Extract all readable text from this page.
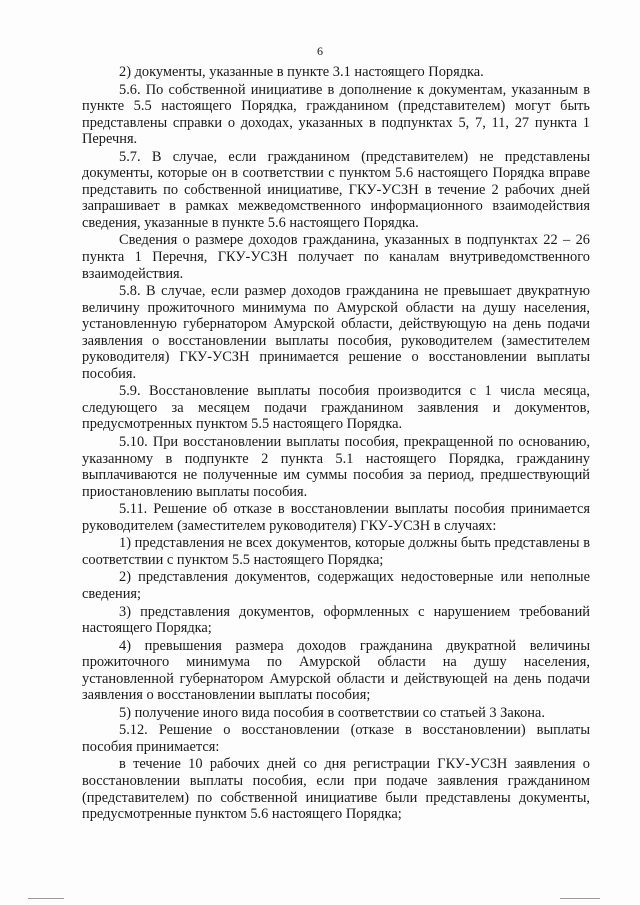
6

2) документы, указанные в пункте 3.1 настоящего Порядка.

5.6. По собственной инициативе в дополнение к документам, указанным в пункте 5.5 настоящего Порядка, гражданином (представителем) могут быть представлены справки о доходах, указанных в подпунктах 5, 7, 11, 27 пункта 1 Перечня.

5.7. В случае, если гражданином (представителем) не представлены документы, которые он в соответствии с пунктом 5.6 настоящего Порядка вправе представить по собственной инициативе, ГКУ-УСЗН в течение 2 рабочих дней запрашивает в рамках межведомственного информационного взаимодействия сведения, указанные в пункте 5.6 настоящего Порядка.

Сведения о размере доходов гражданина, указанных в подпунктах 22 – 26 пункта 1 Перечня, ГКУ-УСЗН получает по каналам внутриведомственного взаимодействия.

5.8. В случае, если размер доходов гражданина не превышает двукратную величину прожиточного минимума по Амурской области на душу населения, установленную губернатором Амурской области, действующую на день подачи заявления о восстановлении выплаты пособия, руководителем (заместителем руководителя) ГКУ-УСЗН принимается решение о восстановлении выплаты пособия.

5.9. Восстановление выплаты пособия производится с 1 числа месяца, следующего за месяцем подачи гражданином заявления и документов, предусмотренных пунктом 5.5 настоящего Порядка.

5.10. При восстановлении выплаты пособия, прекращенной по основанию, указанному в подпункте 2 пункта 5.1 настоящего Порядка, гражданину выплачиваются не полученные им суммы пособия за период, предшествующий приостановлению выплаты пособия.

5.11. Решение об отказе в восстановлении выплаты пособия принимается руководителем (заместителем руководителя) ГКУ-УСЗН в случаях:

1) представления не всех документов, которые должны быть представлены в соответствии с пунктом 5.5 настоящего Порядка;

2) представления документов, содержащих недостоверные или неполные сведения;

3) представления документов, оформленных с нарушением требований настоящего Порядка;

4) превышения размера доходов гражданина двукратной величины прожиточного минимума по Амурской области на душу населения, установленной губернатором Амурской области и действующей на день подачи заявления о восстановлении выплаты пособия;

5) получение иного вида пособия в соответствии со статьей 3 Закона.

5.12. Решение о восстановлении (отказе в восстановлении) выплаты пособия принимается:

в течение 10 рабочих дней со дня регистрации ГКУ-УСЗН заявления о восстановлении выплаты пособия, если при подаче заявления гражданином (представителем) по собственной инициативе были представлены документы, предусмотренные пунктом 5.6 настоящего Порядка;
